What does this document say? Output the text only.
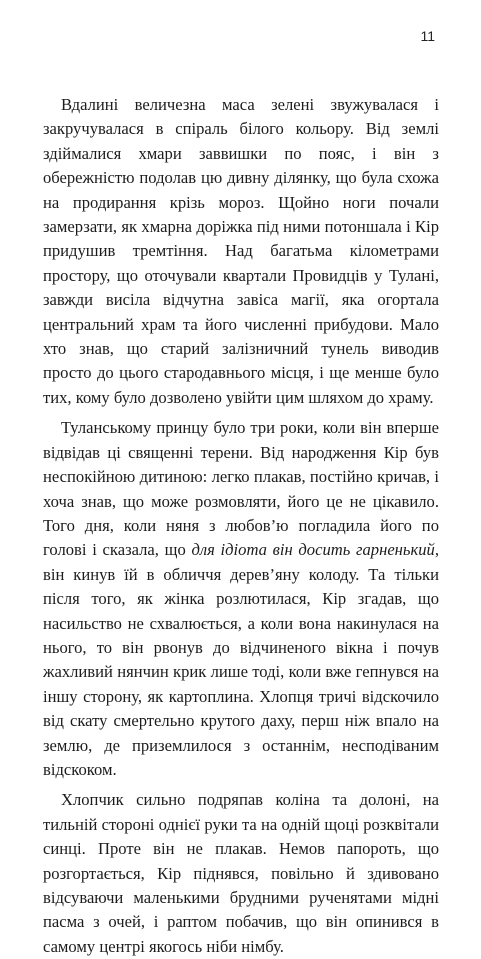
11

Вдалині величезна маса зелені звужувалася і закручувалася в спіраль білого кольору. Від землі здіймалися хмари заввишки по пояс, і він з обережністю подолав цю дивну ділянку, що була схожа на продирання крізь мороз. Щойно ноги почали замерзати, як хмарна доріжка під ними потоншала і Кір придушив тремтіння. Над багатьма кілометрами простору, що оточували квартали Провидців у Тулані, завжди висіла відчутна завіса магії, яка огортала центральний храм та його численні прибудови. Мало хто знав, що старий залізничний тунель виводив просто до цього стародавнього місця, і ще менше було тих, кому було дозволено увійти цим шляхом до храму.

Туланському принцу було три роки, коли він вперше відвідав ці священні терени. Від народження Кір був неспокійною дитиною: легко плакав, постійно кричав, і хоча знав, що може розмовляти, його це не цікавило. Того дня, коли няня з любов’ю погладила його по голові і сказала, що для ідіота він досить гарненький, він кинув їй в обличчя дерев’яну колоду. Та тільки після того, як жінка розлютилася, Кір згадав, що насильство не схвалюється, а коли вона накинулася на нього, то він рвонув до відчиненого вікна і почув жахливий нянчин крик лише тоді, коли вже гепнувся на іншу сторону, як картоплина. Хлопця тричі відскочило від скату смертельно крутого даху, перш ніж впало на землю, де приземлилося з останнім, несподіваним відскоком.

Хлопчик сильно подряпав коліна та долоні, на тильній стороні однієї руки та на одній щоці розквітали синці. Проте він не плакав. Немов папороть, що розгортається, Кір піднявся, повільно й здивовано відсуваючи маленькими брудними рученятами мідні пасма з очей, і раптом побачив, що він опинився в самому центрі якогось ніби німбу.
